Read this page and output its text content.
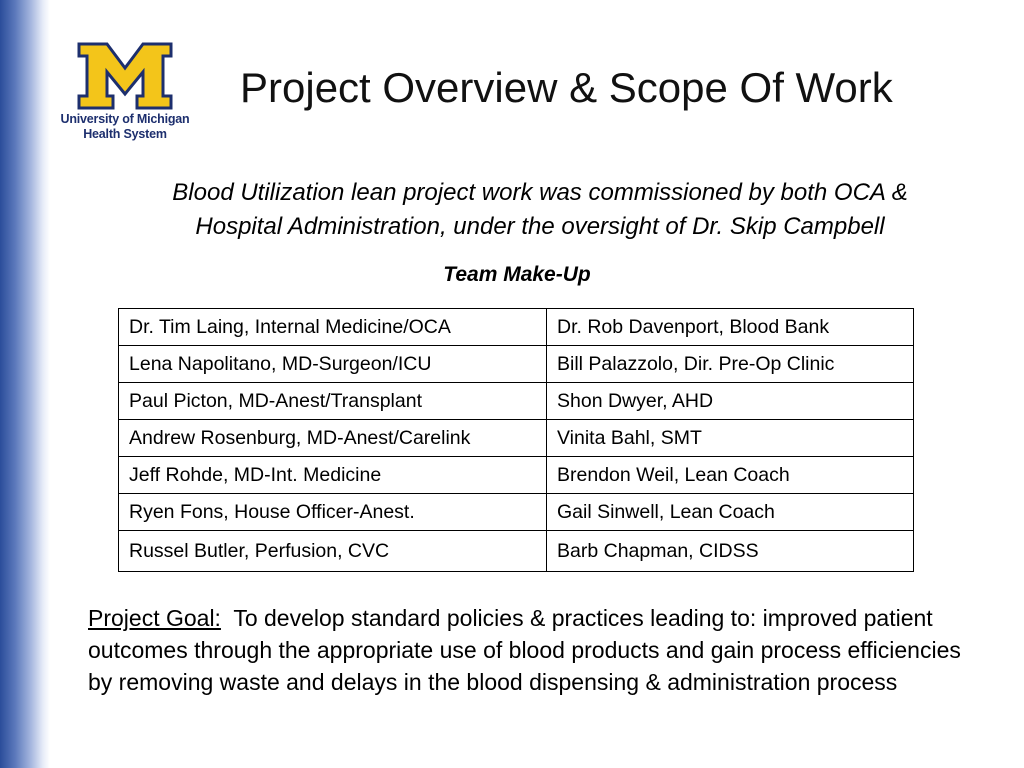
University of Michigan
Health System
Project Overview & Scope Of Work

Blood Utilization lean project work was commissioned by both OCA &
Hospital Administration, under the oversight of Dr. Skip Campbell

Team Make-Up
Dr. Tim Laing, Internal Medicine/OCA	Dr. Rob Davenport, Blood Bank
Lena Napolitano, MD-Surgeon/ICU	Bill Palazzolo, Dir. Pre-Op Clinic
Paul Picton, MD-Anest/Transplant	Shon Dwyer, AHD
Andrew Rosenburg, MD-Anest/Carelink	Vinita Bahl, SMT
Jeff Rohde, MD-Int. Medicine	Brendon Weil, Lean Coach
Ryen Fons, House Officer-Anest.	Gail Sinwell, Lean Coach
Russel Butler, Perfusion, CVC	Barb Chapman, CIDSS

Project Goal: To develop standard policies & practices leading to: improved patient outcomes through the appropriate use of blood products and gain process efficiencies by removing waste and delays in the blood dispensing & administration process
